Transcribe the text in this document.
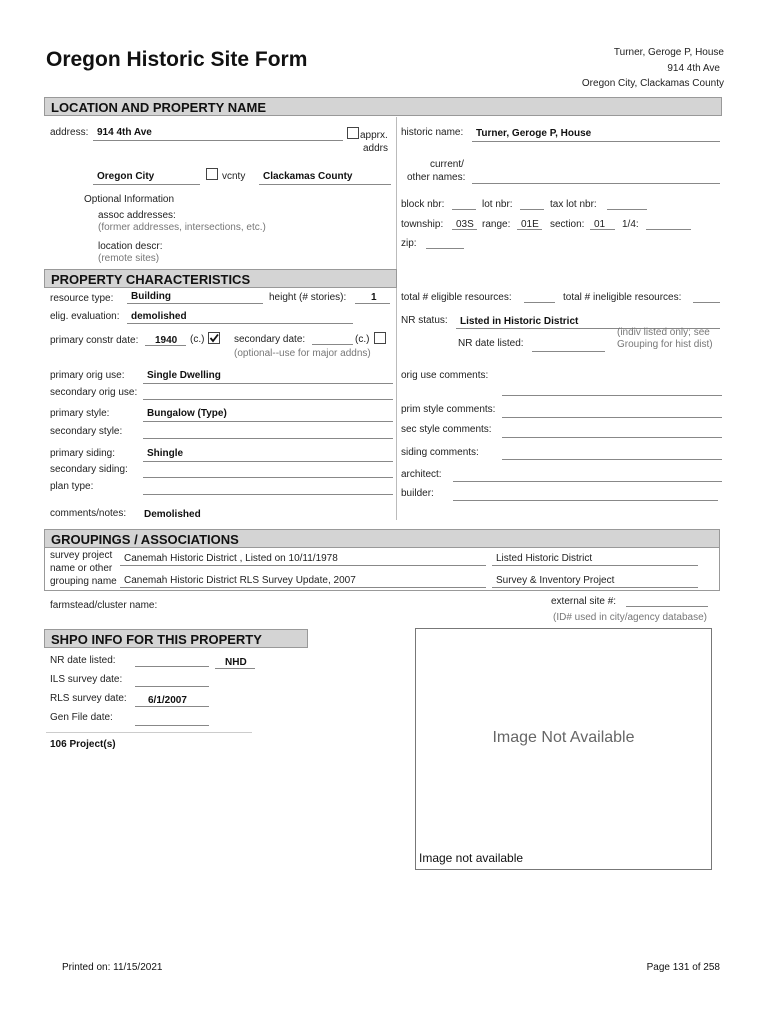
Oregon Historic Site Form	Turner, Geroge P, House
914 4th Ave
Oregon City, Clackamas County
LOCATION AND PROPERTY NAME
address: 914 4th Ave	apprx.
addrs
Oregon City	vcnty Clackamas County
Optional Information
assoc addresses:
(former addresses, intersections, etc.)
location descr:
(remote sites)
historic name: Turner, Geroge P, House
current/
other names:
block nbr:	lot nbr:	tax lot nbr:
township: 03S range: 01E section: 01 1/4:
zip:
PROPERTY CHARACTERISTICS
resource type: Building	height (# stories): 1 total # eligible resources:	total # ineligible resources:
elig. evaluation: demolished	NR status: Listed in Historic District
primary constr date: 1940 (c.)	secondary date:	(c.)
(optional--use for major addns)
(indiv listed only; see
Grouping for hist dist)
NR date listed:
primary orig use: Single Dwelling
secondary orig use:
orig use comments:
primary style:	Bungalow (Type)
secondary style:
prim style comments:
sec style comments:
primary siding:	Shingle
secondary siding:
plan type:
siding comments:
architect:
builder:
comments/notes: Demolished
GROUPINGS / ASSOCIATIONS
survey project
name or other
grouping name
Canemah Historic District , Listed on 10/11/1978	Listed Historic District
Canemah Historic District RLS Survey Update, 2007	Survey & Inventory Project
farmstead/cluster name:	external site #:
(ID# used in city/agency database)
SHPO INFO FOR THIS PROPERTY
NR date listed:	NHD
ILS survey date:
RLS survey date: 6/1/2007
Gen File date:
106 Project(s)	Image Not Available
Image not available
Printed on: 11/15/2021	Page 131 of 258
